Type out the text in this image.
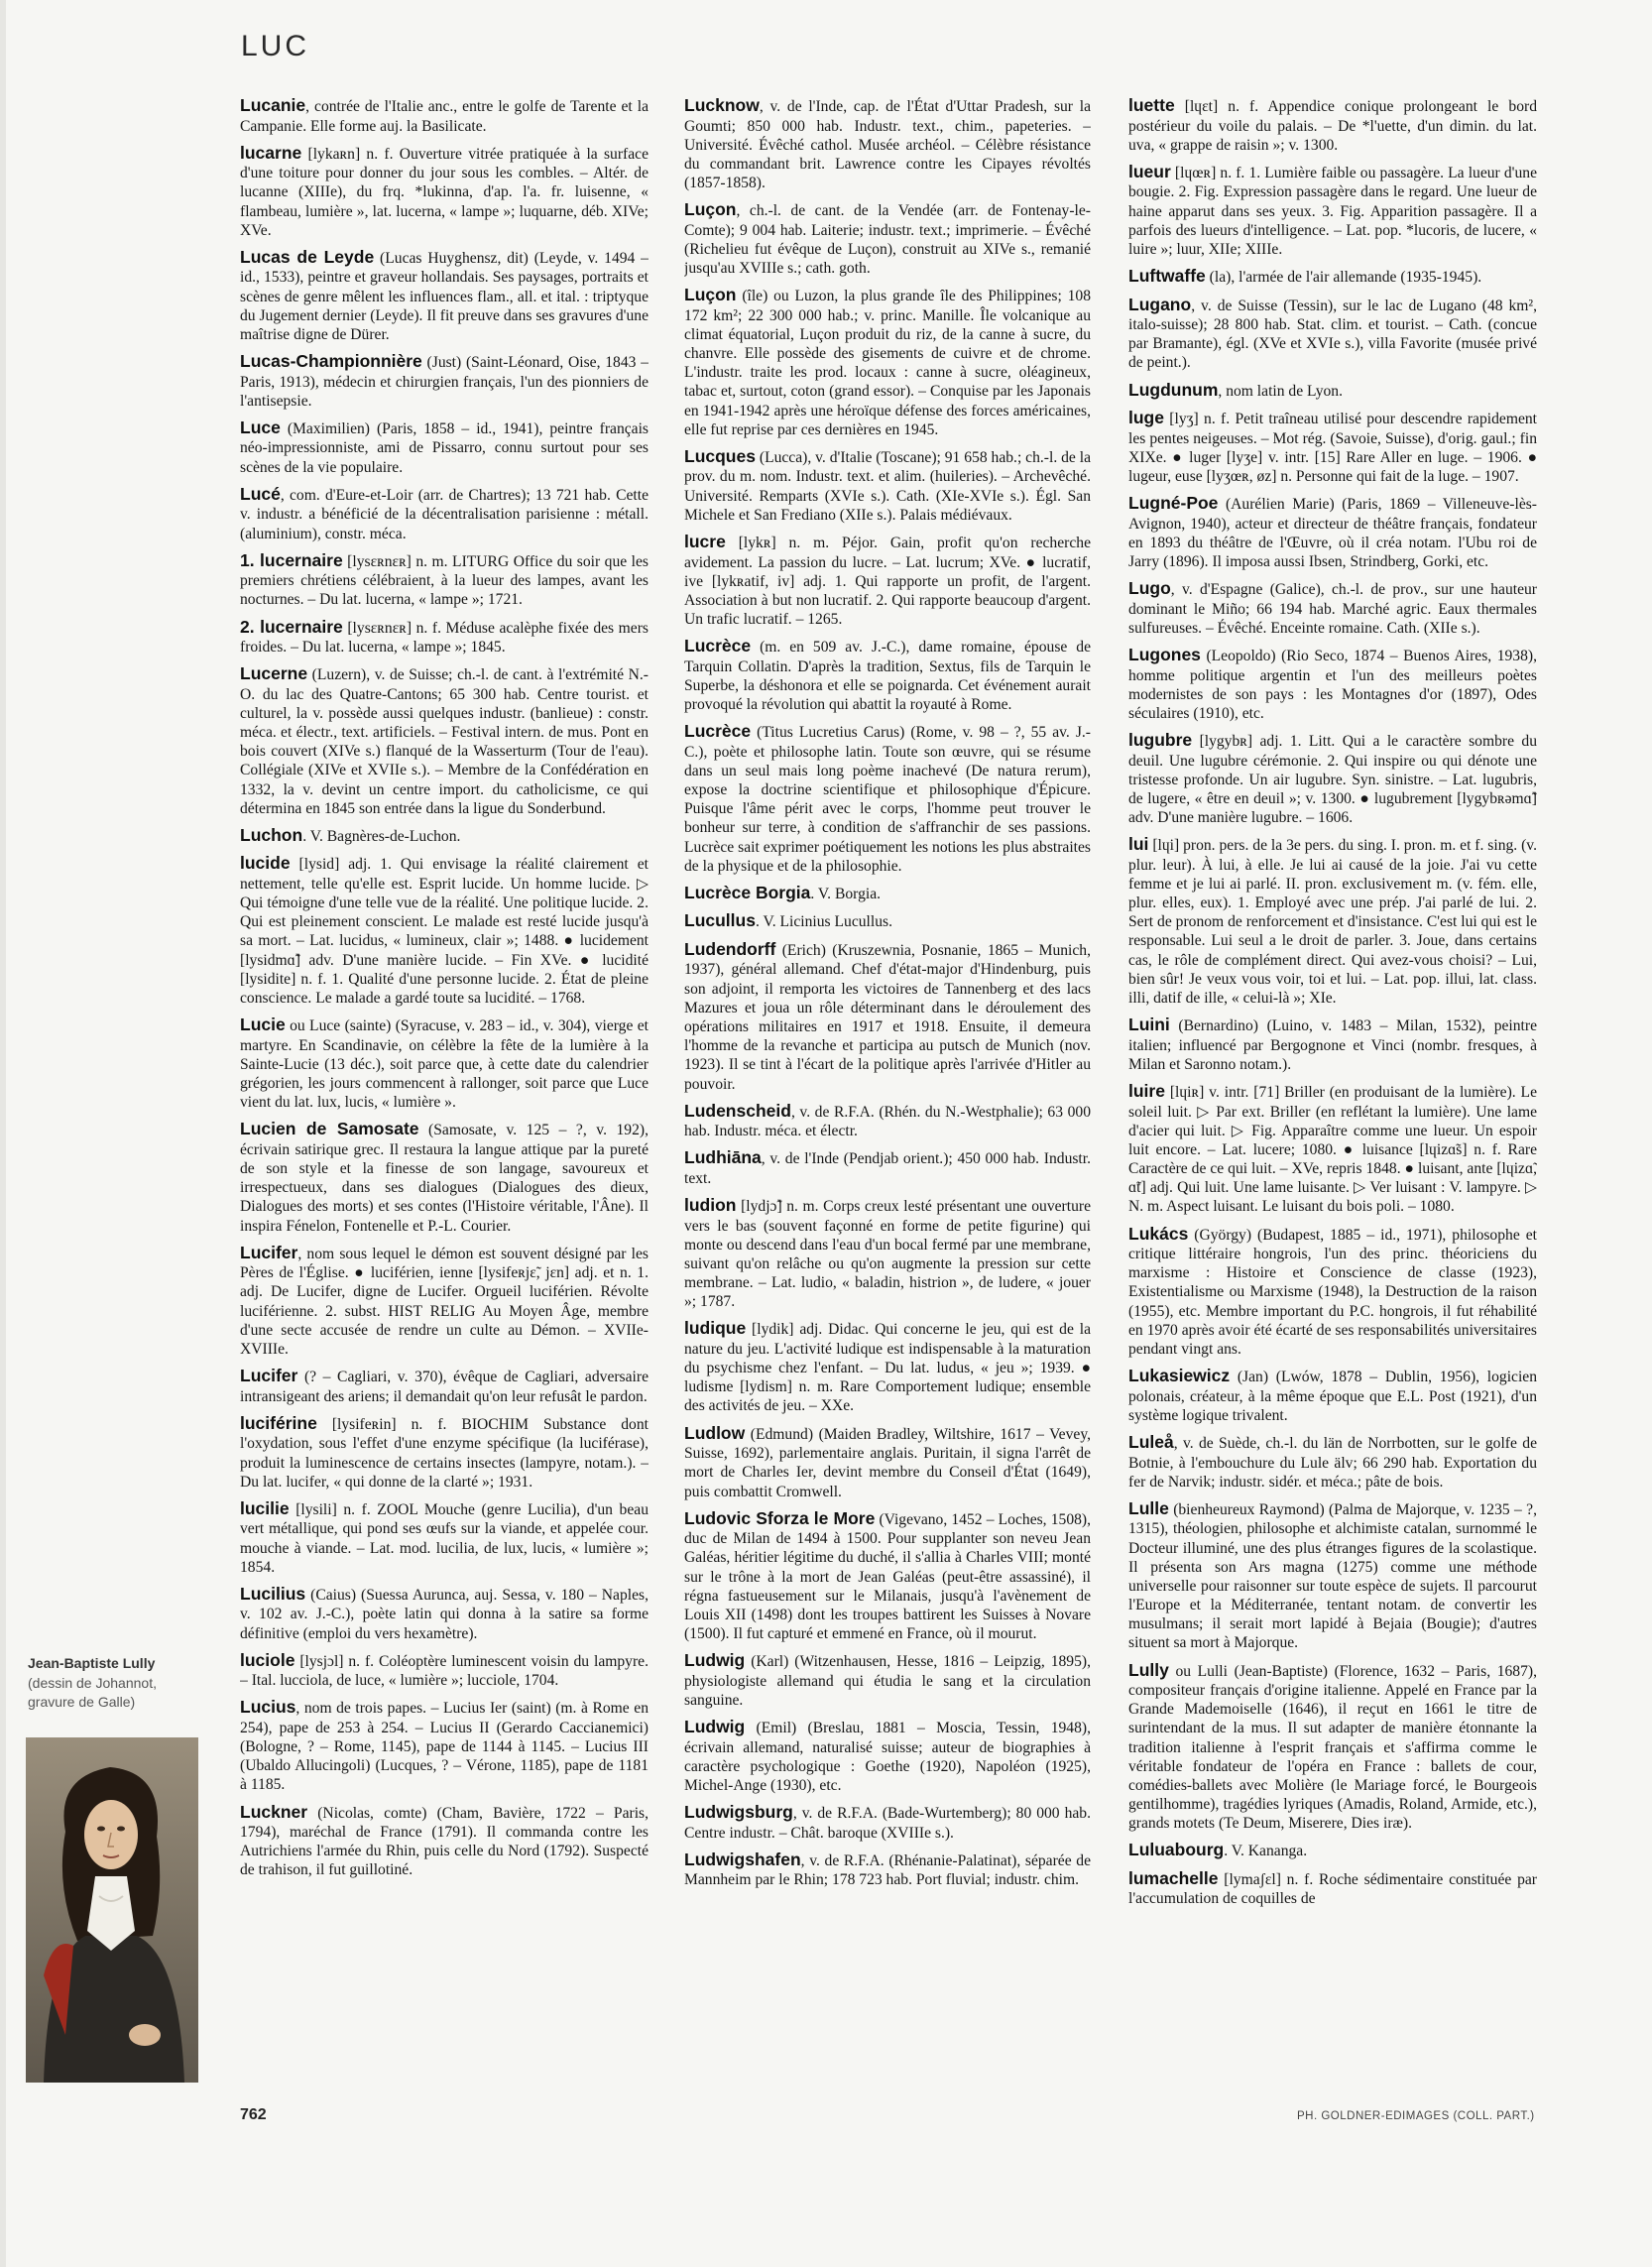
LUC

Lucanie, contrée de l'Italie anc., entre le golfe de Tarente et la Campanie. Elle forme auj. la Basilicate.

lucarne [lykaʀn] n. f. Ouverture vitrée pratiquée à la surface d'une toiture pour donner du jour sous les combles. – Altér. de lucanne (XIIIe), du frq. *lukinna, d'ap. l'a. fr. luisenne, « flambeau, lumière », lat. lucerna, « lampe »; luquarne, déb. XIVe; XVe.

Lucas de Leyde (Lucas Huyghensz, dit) (Leyde, v. 1494 – id., 1533), peintre et graveur hollandais. Ses paysages, portraits et scènes de genre mêlent les influences flam., all. et ital. : triptyque du Jugement dernier (Leyde). Il fit preuve dans ses gravures d'une maîtrise digne de Dürer.

Lucas-Championnière (Just) (Saint-Léonard, Oise, 1843 – Paris, 1913), médecin et chirurgien français, l'un des pionniers de l'antisepsie.

Luce (Maximilien) (Paris, 1858 – id., 1941), peintre français néo-impressionniste, ami de Pissarro, connu surtout pour ses scènes de la vie populaire.

Lucé, com. d'Eure-et-Loir (arr. de Chartres); 13 721 hab. Cette v. industr. a bénéficié de la décentralisation parisienne : métall. (aluminium), constr. méca.

1. lucernaire [lysɛʀnɛʀ] n. m. LITURG Office du soir que les premiers chrétiens célébraient, à la lueur des lampes, avant les nocturnes. – Du lat. lucerna, « lampe »; 1721.

2. lucernaire [lysɛʀnɛʀ] n. f. Méduse acalèphe fixée des mers froides. – Du lat. lucerna, « lampe »; 1845.

Lucerne (Luzern), v. de Suisse; ch.-l. de cant. à l'extrémité N.-O. du lac des Quatre-Cantons; 65 300 hab. Centre tourist. et culturel, la v. possède aussi quelques industr. (banlieue) : constr. méca. et électr., text. artificiels. – Festival intern. de mus. Pont en bois couvert (XIVe s.) flanqué de la Wasserturm (Tour de l'eau). Collégiale (XIVe et XVIIe s.). – Membre de la Confédération en 1332, la v. devint un centre import. du catholicisme, ce qui détermina en 1845 son entrée dans la ligue du Sonderbund.

Luchon. V. Bagnères-de-Luchon.

lucide [lysid] adj. 1. Qui envisage la réalité clairement et nettement, telle qu'elle est. Esprit lucide. Un homme lucide. ▷ Qui témoigne d'une telle vue de la réalité. Une politique lucide. 2. Qui est pleinement conscient. Le malade est resté lucide jusqu'à sa mort. – Lat. lucidus, « lumineux, clair »; 1488. ● lucidement [lysidmɑ̃] adv. D'une manière lucide. – Fin XVe. ● lucidité [lysidite] n. f. 1. Qualité d'une personne lucide. 2. État de pleine conscience. Le malade a gardé toute sa lucidité. – 1768.

Lucie ou Luce (sainte) (Syracuse, v. 283 – id., v. 304), vierge et martyre. En Scandinavie, on célèbre la fête de la lumière à la Sainte-Lucie (13 déc.), soit parce que, à cette date du calendrier grégorien, les jours commencent à rallonger, soit parce que Luce vient du lat. lux, lucis, « lumière ».

Lucien de Samosate (Samosate, v. 125 – ?, v. 192), écrivain satirique grec. Il restaura la langue attique par la pureté de son style et la finesse de son langage, savoureux et irrespectueux, dans ses dialogues (Dialogues des dieux, Dialogues des morts) et ses contes (l'Histoire véritable, l'Âne). Il inspira Fénelon, Fontenelle et P.-L. Courier.

Lucifer, nom sous lequel le démon est souvent désigné par les Pères de l'Église. ● luciférien, ienne [lysifeʀjɛ̃, jɛn] adj. et n. 1. adj. De Lucifer, digne de Lucifer. Orgueil luciférien. Révolte luciférienne. 2. subst. HIST RELIG Au Moyen Âge, membre d'une secte accusée de rendre un culte au Démon. – XVIIe-XVIIIe.

Lucifer (? – Cagliari, v. 370), évêque de Cagliari, adversaire intransigeant des ariens; il demandait qu'on leur refusât le pardon.

luciférine [lysifeʀin] n. f. BIOCHIM Substance dont l'oxydation, sous l'effet d'une enzyme spécifique (la luciférase), produit la luminescence de certains insectes (lampyre, notam.). – Du lat. lucifer, « qui donne de la clarté »; 1931.

lucilie [lysili] n. f. ZOOL Mouche (genre Lucilia), d'un beau vert métallique, qui pond ses œufs sur la viande, et appelée cour. mouche à viande. – Lat. mod. lucilia, de lux, lucis, « lumière »; 1854.

Lucilius (Caius) (Suessa Aurunca, auj. Sessa, v. 180 – Naples, v. 102 av. J.-C.), poète latin qui donna à la satire sa forme définitive (emploi du vers hexamètre).

luciole [lysjɔl] n. f. Coléoptère luminescent voisin du lampyre. – Ital. lucciola, de luce, « lumière »; lucciole, 1704.

Lucius, nom de trois papes. – Lucius Ier (saint) (m. à Rome en 254), pape de 253 à 254. – Lucius II (Gerardo Caccianemici) (Bologne, ? – Rome, 1145), pape de 1144 à 1145. – Lucius III (Ubaldo Allucingoli) (Lucques, ? – Vérone, 1185), pape de 1181 à 1185.

Luckner (Nicolas, comte) (Cham, Bavière, 1722 – Paris, 1794), maréchal de France (1791). Il commanda contre les Autrichiens l'armée du Rhin, puis celle du Nord (1792). Suspecté de trahison, il fut guillotiné.

Lucknow, v. de l'Inde, cap. de l'État d'Uttar Pradesh, sur la Goumti; 850 000 hab. Industr. text., chim., papeteries. – Université. Évêché cathol. Musée archéol. – Célèbre résistance du commandant brit. Lawrence contre les Cipayes révoltés (1857-1858).

Luçon, ch.-l. de cant. de la Vendée (arr. de Fontenay-le-Comte); 9 004 hab. Laiterie; industr. text.; imprimerie. – Évêché (Richelieu fut évêque de Luçon), construit au XIVe s., remanié jusqu'au XVIIIe s.; cath. goth.

Luçon (île) ou Luzon, la plus grande île des Philippines; 108 172 km²; 22 300 000 hab.; v. princ. Manille. Île volcanique au climat équatorial, Luçon produit du riz, de la canne à sucre, du chanvre. Elle possède des gisements de cuivre et de chrome. L'industr. traite les prod. locaux : canne à sucre, oléagineux, tabac et, surtout, coton (grand essor). – Conquise par les Japonais en 1941-1942 après une héroïque défense des forces américaines, elle fut reprise par ces dernières en 1945.

Lucques (Lucca), v. d'Italie (Toscane); 91 658 hab.; ch.-l. de la prov. du m. nom. Industr. text. et alim. (huileries). – Archevêché. Université. Remparts (XVIe s.). Cath. (XIe-XVIe s.). Égl. San Michele et San Frediano (XIIe s.). Palais médiévaux.

lucre [lykʀ] n. m. Péjor. Gain, profit qu'on recherche avidement. La passion du lucre. – Lat. lucrum; XVe. ● lucratif, ive [lykʀatif, iv] adj. 1. Qui rapporte un profit, de l'argent. Association à but non lucratif. 2. Qui rapporte beaucoup d'argent. Un trafic lucratif. – 1265.

Lucrèce (m. en 509 av. J.-C.), dame romaine, épouse de Tarquin Collatin. D'après la tradition, Sextus, fils de Tarquin le Superbe, la déshonora et elle se poignarda. Cet événement aurait provoqué la révolution qui abattit la royauté à Rome.

Lucrèce (Titus Lucretius Carus) (Rome, v. 98 – ?, 55 av. J.-C.), poète et philosophe latin. Toute son œuvre, qui se résume dans un seul mais long poème inachevé (De natura rerum), expose la doctrine scientifique et philosophique d'Épicure. Puisque l'âme périt avec le corps, l'homme peut trouver le bonheur sur terre, à condition de s'affranchir de ses passions. Lucrèce sait exprimer poétiquement les notions les plus abstraites de la physique et de la philosophie.

Lucrèce Borgia. V. Borgia.

Lucullus. V. Licinius Lucullus.

Ludendorff (Erich) (Kruszewnia, Posnanie, 1865 – Munich, 1937), général allemand. Chef d'état-major d'Hindenburg, puis son adjoint, il remporta les victoires de Tannenberg et des lacs Mazures et joua un rôle déterminant dans le déroulement des opérations militaires en 1917 et 1918. Ensuite, il demeura l'homme de la revanche et participa au putsch de Munich (nov. 1923). Il se tint à l'écart de la politique après l'arrivée d'Hitler au pouvoir.

Ludenscheid, v. de R.F.A. (Rhén. du N.-Westphalie); 63 000 hab. Industr. méca. et électr.

Ludhiāna, v. de l'Inde (Pendjab orient.); 450 000 hab. Industr. text.

ludion [lydjɔ̃] n. m. Corps creux lesté présentant une ouverture vers le bas (souvent façonné en forme de petite figurine) qui monte ou descend dans l'eau d'un bocal fermé par une membrane, suivant qu'on relâche ou qu'on augmente la pression sur cette membrane. – Lat. ludio, « baladin, histrion », de ludere, « jouer »; 1787.

ludique [lydik] adj. Didac. Qui concerne le jeu, qui est de la nature du jeu. L'activité ludique est indispensable à la maturation du psychisme chez l'enfant. – Du lat. ludus, « jeu »; 1939. ● ludisme [lydism] n. m. Rare Comportement ludique; ensemble des activités de jeu. – XXe.

Ludlow (Edmund) (Maiden Bradley, Wiltshire, 1617 – Vevey, Suisse, 1692), parlementaire anglais. Puritain, il signa l'arrêt de mort de Charles Ier, devint membre du Conseil d'État (1649), puis combattit Cromwell.

Ludovic Sforza le More (Vigevano, 1452 – Loches, 1508), duc de Milan de 1494 à 1500. Pour supplanter son neveu Jean Galéas, héritier légitime du duché, il s'allia à Charles VIII; monté sur le trône à la mort de Jean Galéas (peut-être assassiné), il régna fastueusement sur le Milanais, jusqu'à l'avènement de Louis XII (1498) dont les troupes battirent les Suisses à Novare (1500). Il fut capturé et emmené en France, où il mourut.

Ludwig (Karl) (Witzenhausen, Hesse, 1816 – Leipzig, 1895), physiologiste allemand qui étudia le sang et la circulation sanguine.

Ludwig (Emil) (Breslau, 1881 – Moscia, Tessin, 1948), écrivain allemand, naturalisé suisse; auteur de biographies à caractère psychologique : Goethe (1920), Napoléon (1925), Michel-Ange (1930), etc.

Ludwigsburg, v. de R.F.A. (Bade-Wurtemberg); 80 000 hab. Centre industr. – Chât. baroque (XVIIIe s.).

Ludwigshafen, v. de R.F.A. (Rhénanie-Palatinat), séparée de Mannheim par le Rhin; 178 723 hab. Port fluvial; industr. chim.

luette [lɥɛt] n. f. Appendice conique prolongeant le bord postérieur du voile du palais. – De *l'uette, d'un dimin. du lat. uva, « grappe de raisin »; v. 1300.

lueur [lɥœʀ] n. f. 1. Lumière faible ou passagère. La lueur d'une bougie. 2. Fig. Expression passagère dans le regard. Une lueur de haine apparut dans ses yeux. 3. Fig. Apparition passagère. Il a parfois des lueurs d'intelligence. – Lat. pop. *lucoris, de lucere, « luire »; luur, XIIe; XIIIe.

Luftwaffe (la), l'armée de l'air allemande (1935-1945).

Lugano, v. de Suisse (Tessin), sur le lac de Lugano (48 km², italo-suisse); 28 800 hab. Stat. clim. et tourist. – Cath. (concue par Bramante), égl. (XVe et XVIe s.), villa Favorite (musée privé de peint.).

Lugdunum, nom latin de Lyon.

luge [lyʒ] n. f. Petit traîneau utilisé pour descendre rapidement les pentes neigeuses. – Mot rég. (Savoie, Suisse), d'orig. gaul.; fin XIXe. ● luger [lyʒe] v. intr. [15] Rare Aller en luge. – 1906. ● lugeur, euse [lyʒœʀ, øz] n. Personne qui fait de la luge. – 1907.

Lugné-Poe (Aurélien Marie) (Paris, 1869 – Villeneuve-lès-Avignon, 1940), acteur et directeur de théâtre français, fondateur en 1893 du théâtre de l'Œuvre, où il créa notam. l'Ubu roi de Jarry (1896). Il imposa aussi Ibsen, Strindberg, Gorki, etc.

Lugo, v. d'Espagne (Galice), ch.-l. de prov., sur une hauteur dominant le Miño; 66 194 hab. Marché agric. Eaux thermales sulfureuses. – Évêché. Enceinte romaine. Cath. (XIIe s.).

Lugones (Leopoldo) (Rio Seco, 1874 – Buenos Aires, 1938), homme politique argentin et l'un des meilleurs poètes modernistes de son pays : les Montagnes d'or (1897), Odes séculaires (1910), etc.

lugubre [lygybʀ] adj. 1. Litt. Qui a le caractère sombre du deuil. Une lugubre cérémonie. 2. Qui inspire ou qui dénote une tristesse profonde. Un air lugubre. Syn. sinistre. – Lat. lugubris, de lugere, « être en deuil »; v. 1300. ● lugubrement [lygybʀəmɑ̃] adv. D'une manière lugubre. – 1606.

lui [lɥi] pron. pers. de la 3e pers. du sing. I. pron. m. et f. sing. (v. plur. leur). À lui, à elle. Je lui ai causé de la joie. J'ai vu cette femme et je lui ai parlé. II. pron. exclusivement m. (v. fém. elle, plur. elles, eux). 1. Employé avec une prép. J'ai parlé de lui. 2. Sert de pronom de renforcement et d'insistance. C'est lui qui est le responsable. Lui seul a le droit de parler. 3. Joue, dans certains cas, le rôle de complément direct. Qui avez-vous choisi? – Lui, bien sûr! Je veux vous voir, toi et lui. – Lat. pop. illui, lat. class. illi, datif de ille, « celui-là »; XIe.

Luini (Bernardino) (Luino, v. 1483 – Milan, 1532), peintre italien; influencé par Bergognone et Vinci (nombr. fresques, à Milan et Saronno notam.).

luire [lɥiʀ] v. intr. [71] Briller (en produisant de la lumière). Le soleil luit. ▷ Par ext. Briller (en reflétant la lumière). Une lame d'acier qui luit. ▷ Fig. Apparaître comme une lueur. Un espoir luit encore. – Lat. lucere; 1080. ● luisance [lɥizɑ̃s] n. f. Rare Caractère de ce qui luit. – XVe, repris 1848. ● luisant, ante [lɥizɑ̃, ɑ̃t] adj. Qui luit. Une lame luisante. ▷ Ver luisant : V. lampyre. ▷ N. m. Aspect luisant. Le luisant du bois poli. – 1080.

Lukács (György) (Budapest, 1885 – id., 1971), philosophe et critique littéraire hongrois, l'un des princ. théoriciens du marxisme : Histoire et Conscience de classe (1923), Existentialisme ou Marxisme (1948), la Destruction de la raison (1955), etc. Membre important du P.C. hongrois, il fut réhabilité en 1970 après avoir été écarté de ses responsabilités universitaires pendant vingt ans.

Lukasiewicz (Jan) (Lwów, 1878 – Dublin, 1956), logicien polonais, créateur, à la même époque que E.L. Post (1921), d'un système logique trivalent.

Luleå, v. de Suède, ch.-l. du län de Norrbotten, sur le golfe de Botnie, à l'embouchure du Lule älv; 66 290 hab. Exportation du fer de Narvik; industr. sidér. et méca.; pâte de bois.

Lulle (bienheureux Raymond) (Palma de Majorque, v. 1235 – ?, 1315), théologien, philosophe et alchimiste catalan, surnommé le Docteur illuminé, une des plus étranges figures de la scolastique. Il présenta son Ars magna (1275) comme une méthode universelle pour raisonner sur toute espèce de sujets. Il parcourut l'Europe et la Méditerranée, tentant notam. de convertir les musulmans; il serait mort lapidé à Bejaia (Bougie); d'autres situent sa mort à Majorque.

Lully ou Lulli (Jean-Baptiste) (Florence, 1632 – Paris, 1687), compositeur français d'origine italienne. Appelé en France par la Grande Mademoiselle (1646), il reçut en 1661 le titre de surintendant de la mus. Il sut adapter de manière étonnante la tradition italienne à l'esprit français et s'affirma comme le véritable fondateur de l'opéra en France : ballets de cour, comédies-ballets avec Molière (le Mariage forcé, le Bourgeois gentilhomme), tragédies lyriques (Amadis, Roland, Armide, etc.), grands motets (Te Deum, Miserere, Dies iræ).

Luluabourg. V. Kananga.

lumachelle [lymaʃɛl] n. f. Roche sédimentaire constituée par l'accumulation de coquilles de

Jean-Baptiste Lully
(dessin de Johannot, gravure de Galle)
762	PH. GOLDNER-EDIMAGES (COLL. PART.)
